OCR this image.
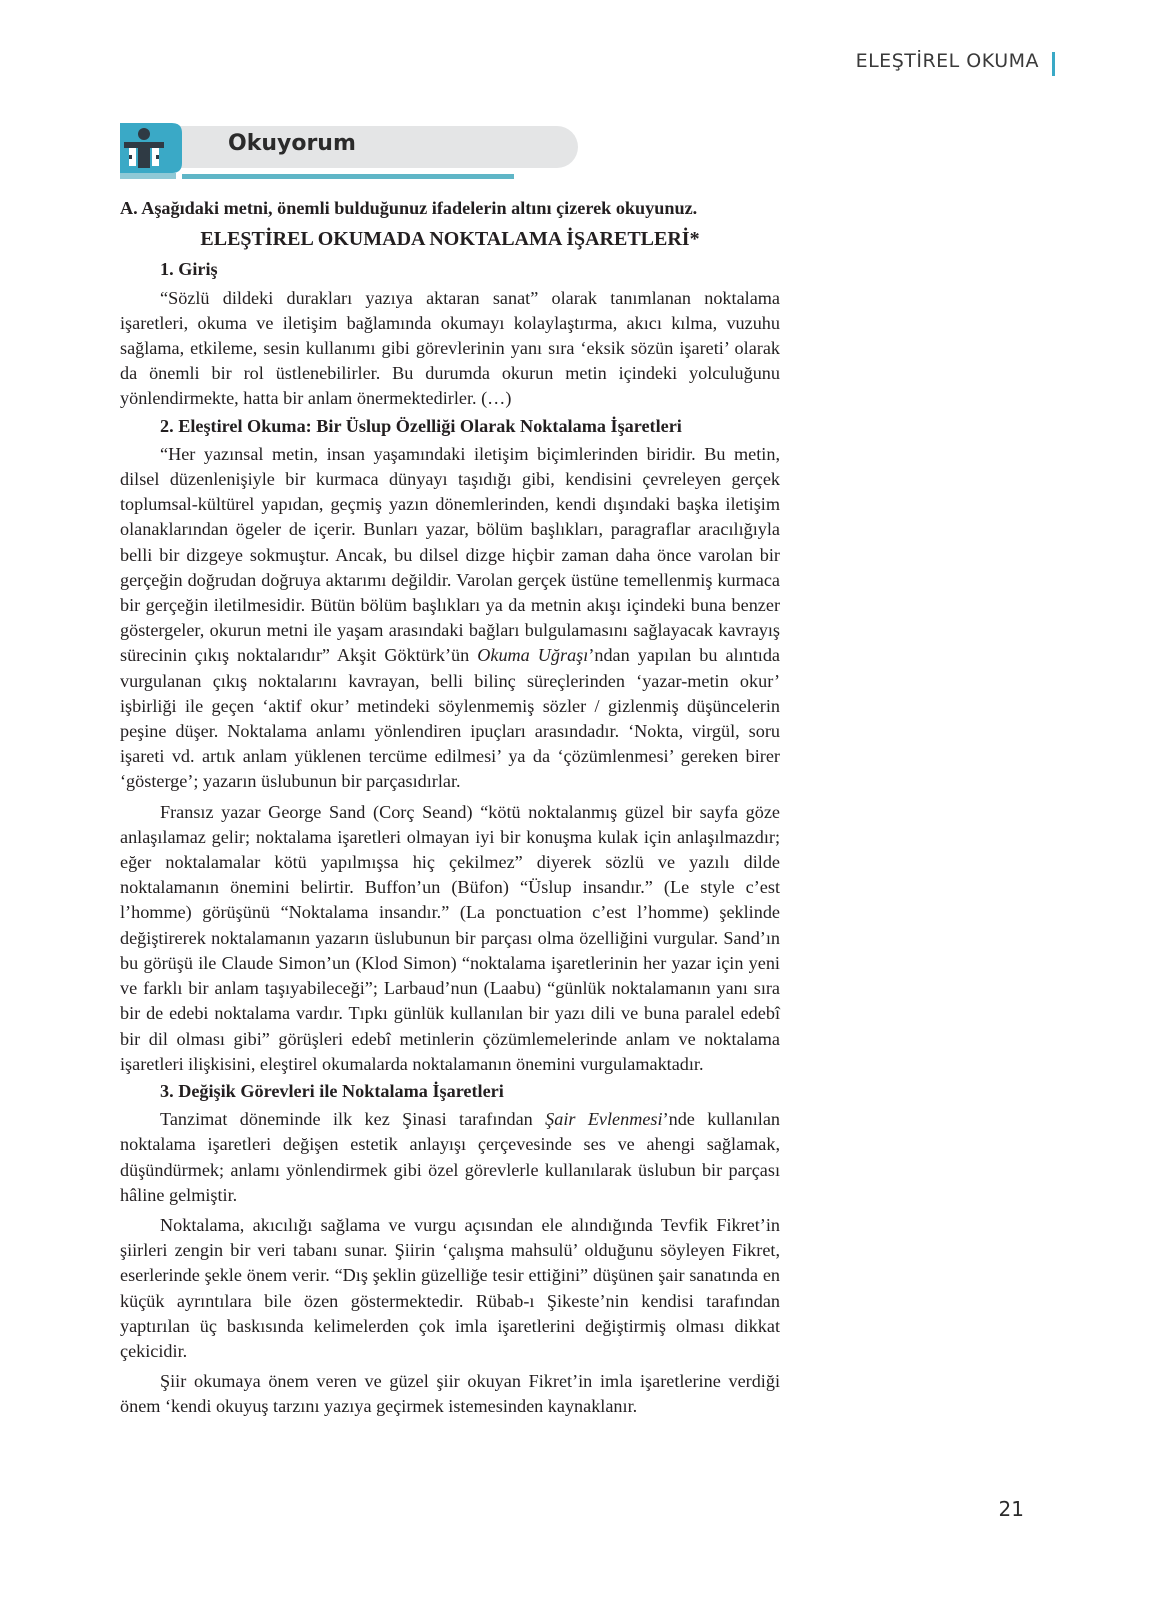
ELEŞTİREL OKUMA
Okuyorum

A. Aşağıdaki metni, önemli bulduğunuz ifadelerin altını çizerek okuyunuz.

ELEŞTİREL OKUMADA NOKTALAMA İŞARETLERİ*
1. Giriş

“Sözlü dildeki durakları yazıya aktaran sanat” olarak tanımlanan noktalama işaretleri, okuma ve iletişim bağlamında okumayı kolaylaştırma, akıcı kılma, vuzuhu sağlama, etkileme, sesin kullanımı gibi görevlerinin yanı sıra ‘eksik sözün işareti’ olarak da önemli bir rol üstlenebilirler. Bu durumda okurun metin içindeki yolculuğunu yönlendirmekte, hatta bir anlam önermektedirler. (…)

2. Eleştirel Okuma: Bir Üslup Özelliği Olarak Noktalama İşaretleri

“Her yazınsal metin, insan yaşamındaki iletişim biçimlerinden biridir. Bu metin, dilsel düzenlenişiyle bir kurmaca dünyayı taşıdığı gibi, kendisini çevreleyen gerçek toplumsal-kültürel yapıdan, geçmiş yazın dönemlerinden, kendi dışındaki başka iletişim olanaklarından ögeler de içerir. Bunları yazar, bölüm başlıkları, paragraflar aracılığıyla belli bir dizgeye sokmuştur. Ancak, bu dilsel dizge hiçbir zaman daha önce varolan bir gerçeğin doğrudan doğruya aktarımı değildir. Varolan gerçek üstüne temellenmiş kurmaca bir gerçeğin iletilmesidir. Bütün bölüm başlıkları ya da metnin akışı içindeki buna benzer göstergeler, okurun metni ile yaşam arasındaki bağları bulgulamasını sağlayacak kavrayış sürecinin çıkış noktalarıdır” Akşit Göktürk’ün Okuma Uğraşı’ndan yapılan bu alıntıda vurgulanan çıkış noktalarını kavrayan, belli bilinç süreçlerinden ‘yazar-metin okur’ işbirliği ile geçen ‘aktif okur’ metindeki söylenmemiş sözler / gizlenmiş düşüncelerin peşine düşer. Noktalama anlamı yönlendiren ipuçları arasındadır. ‘Nokta, virgül, soru işareti vd. artık anlam yüklenen tercüme edilmesi’ ya da ‘çözümlenmesi’ gereken birer ‘gösterge’; yazarın üslubunun bir parçasıdırlar.

Fransız yazar George Sand (Corç Seand) “kötü noktalanmış güzel bir sayfa göze anlaşılamaz gelir; noktalama işaretleri olmayan iyi bir konuşma kulak için anlaşılmazdır; eğer noktalamalar kötü yapılmışsa hiç çekilmez” diyerek sözlü ve yazılı dilde noktalamanın önemini belirtir. Buffon’un (Büfon) “Üslup insandır.” (Le style c’est l’homme) görüşünü “Noktalama insandır.” (La ponctuation c’est l’homme) şeklinde değiştirerek noktalamanın yazarın üslubunun bir parçası olma özelliğini vurgular. Sand’ın bu görüşü ile Claude Simon’un (Klod Simon) “noktalama işaretlerinin her yazar için yeni ve farklı bir anlam taşıyabileceği”; Larbaud’nun (Laabu) “günlük noktalamanın yanı sıra bir de edebi noktalama vardır. Tıpkı günlük kullanılan bir yazı dili ve buna paralel edebî bir dil olması gibi” görüşleri edebî metinlerin çözümlemelerinde anlam ve noktalama işaretleri ilişkisini, eleştirel okumalarda noktalamanın önemini vurgulamaktadır.

3. Değişik Görevleri ile Noktalama İşaretleri

Tanzimat döneminde ilk kez Şinasi tarafından Şair Evlenmesi’nde kullanılan noktalama işaretleri değişen estetik anlayışı çerçevesinde ses ve ahengi sağlamak, düşündürmek; anlamı yönlendirmek gibi özel görevlerle kullanılarak üslubun bir parçası hâline gelmiştir.

Noktalama, akıcılığı sağlama ve vurgu açısından ele alındığında Tevfik Fikret’in şiirleri zengin bir veri tabanı sunar. Şiirin ‘çalışma mahsulü’ olduğunu söyleyen Fikret, eserlerinde şekle önem verir. “Dış şeklin güzelliğe tesir ettiğini” düşünen şair sanatında en küçük ayrıntılara bile özen göstermektedir. Rübab-ı Şikeste’nin kendisi tarafından yaptırılan üç baskısında kelimelerden çok imla işaretlerini değiştirmiş olması dikkat çekicidir.

Şiir okumaya önem veren ve güzel şiir okuyan Fikret’in imla işaretlerine verdiği önem ‘kendi okuyuş tarzını yazıya geçirmek istemesinden kaynaklanır.

21
